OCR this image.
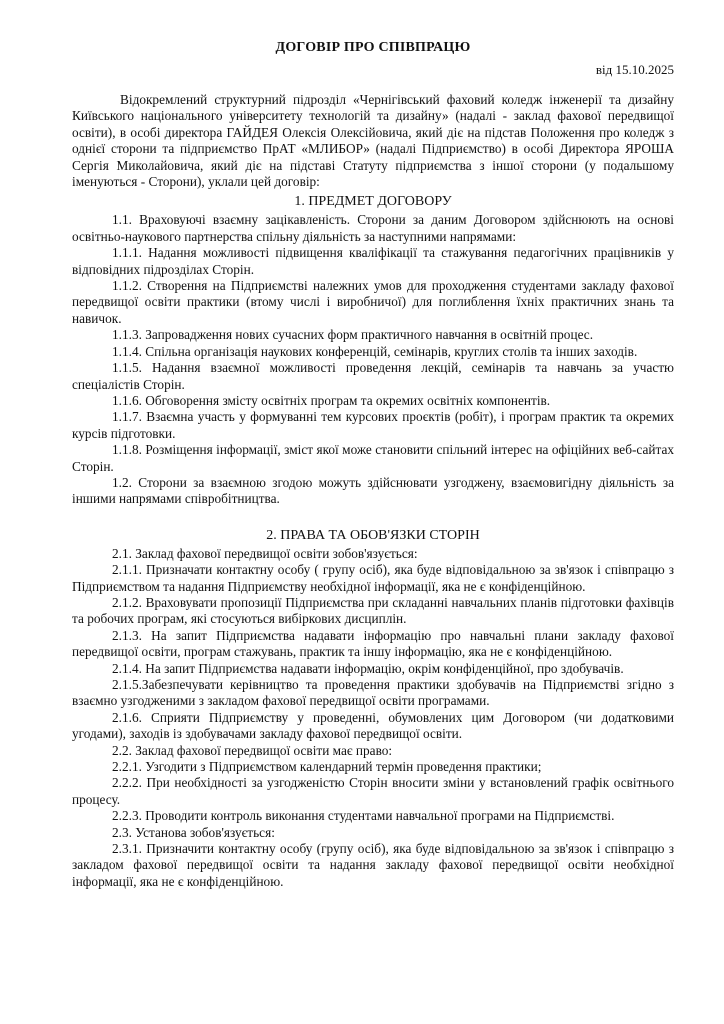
ДОГОВІР ПРО СПІВПРАЦЮ
від 15.10.2025

Відокремлений структурний підрозділ «Чернігівський фаховий коледж інженерії та дизайну Київського національного університету технологій та дизайну» (надалі - заклад фахової передвищої освіти), в особі директора ГАЙДЕЯ Олексія Олексійовича, який діє на підстав Положення про коледж з однієї сторони та підприємство ПрАТ «МЛИБОР» (надалі Підприємство) в особі Директора ЯРОША Сергія Миколайовича, який діє на підставі Статуту підприємства з іншої сторони (у подальшому іменуються - Сторони), уклали цей договір:

1. ПРЕДМЕТ ДОГОВОРУ

1.1. Враховуючі взаємну зацікавленість. Сторони за даним Договором здійснюють на основі освітньо-наукового партнерства спільну діяльність за наступними напрямами:

1.1.1. Надання можливості підвищення кваліфікації та стажування педагогічних працівників у відповідних підрозділах Сторін.

1.1.2. Створення на Підприємстві належних умов для проходження студентами закладу фахової передвищої освіти практики (втому числі і виробничої) для поглиблення їхніх практичних знань та навичок.

1.1.3. Запровадження нових сучасних форм практичного навчання в освітній процес.

1.1.4. Спільна організація наукових конференцій, семінарів, круглих столів та інших заходів.

1.1.5. Надання взаємної можливості проведення лекцій, семінарів та навчань за участю спеціалістів Сторін.

1.1.6. Обговорення змісту освітніх програм та окремих освітніх компонентів.

1.1.7. Взаємна участь у формуванні тем курсових проєктів (робіт), і програм практик та окремих курсів підготовки.

1.1.8. Розміщення інформації, зміст якої може становити спільний інтерес на офіційних веб-сайтах Сторін.

1.2. Сторони за взаємною згодою можуть здійснювати узгоджену, взаємовигідну діяльність за іншими напрямами співробітництва.

2. ПРАВА ТА ОБОВ'ЯЗКИ СТОРІН

2.1. Заклад фахової передвищої освіти зобов'язується:

2.1.1. Призначати контактну особу ( групу осіб), яка буде відповідальною за зв'язок і співпрацю з Підприємством та надання Підприємству необхідної інформації, яка не є конфіденційною.

2.1.2. Враховувати пропозиції Підприємства при складанні навчальних планів підготовки фахівців та робочих програм, які стосуються вибіркових дисциплін.

2.1.3. На запит Підприємства надавати інформацію про навчальні плани закладу фахової передвищої освіти, програм стажувань, практик та іншу інформацію, яка не є конфіденційною.

2.1.4. На запит Підприємства надавати інформацію, окрім конфіденційної, про здобувачів.

2.1.5.Забезпечувати керівництво та проведення практики здобувачів на Підприємстві згідно з взаємно узгодженими з закладом фахової передвищої освіти програмами.

2.1.6. Сприяти Підприємству у проведенні, обумовлених цим Договором (чи додатковими угодами), заходів із здобувачами закладу фахової передвищої освіти.

2.2. Заклад фахової передвищої освіти має право:

2.2.1. Узгодити з Підприємством календарний термін проведення практики;

2.2.2. При необхідності за узгодженістю Сторін вносити зміни у встановлений графік освітнього процесу.

2.2.3. Проводити контроль виконання студентами навчальної програми на Підприємстві.

2.3. Установа зобов'язується:

2.3.1. Призначити контактну особу (групу осіб), яка буде відповідальною за зв'язок і співпрацю з закладом фахової передвищої освіти та надання закладу фахової передвищої освіти необхідної інформації, яка не є конфіденційною.
